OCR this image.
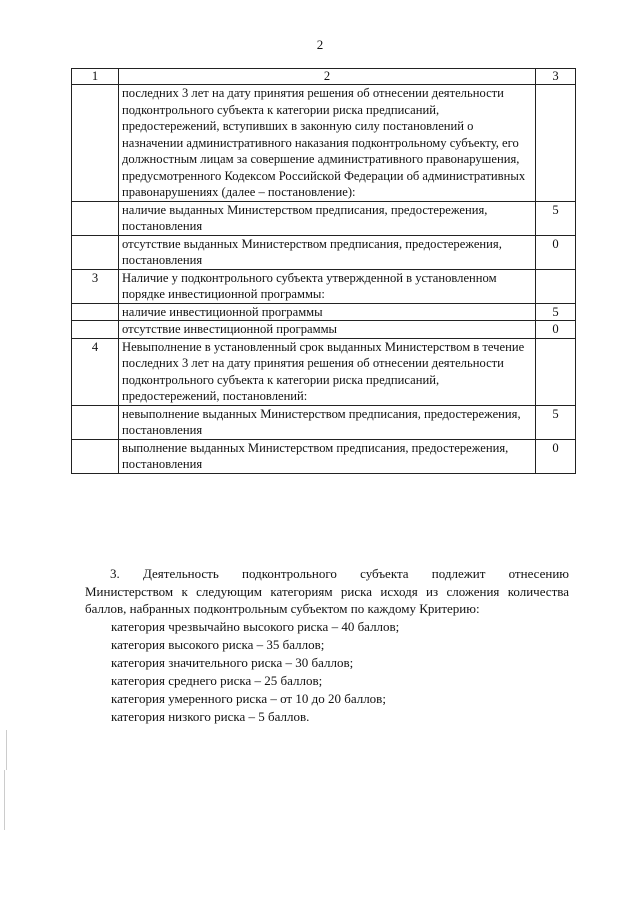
2
1	2	3
	последних 3 лет на дату принятия решения об отнесении деятельности подконтрольного субъекта к категории риска предписаний, предостережений, вступивших в законную силу постановлений о назначении административного наказания подконтрольному субъекту, его должностным лицам за совершение административного правонарушения, предусмотренного Кодексом Российской Федерации об административных правонарушениях (далее – постановление):	
	наличие выданных Министерством предписания, предостережения, постановления	5
	отсутствие выданных Министерством предписания, предостережения, постановления	0
3	Наличие у подконтрольного субъекта утвержденной в установленном порядке инвестиционной программы:	
	наличие инвестиционной программы	5
	отсутствие инвестиционной программы	0
4	Невыполнение в установленный срок выданных Министерством в течение последних 3 лет на дату принятия решения об отнесении деятельности подконтрольного субъекта к категории риска предписаний, предостережений, постановлений:	
	невыполнение выданных Министерством предписания, предостережения, постановления	5
	выполнение выданных Министерством предписания, предостережения, постановления	0
3. Деятельность подконтрольного субъекта подлежит отнесению
Министерством к следующим категориям риска исходя из сложения количества баллов, набранных подконтрольным субъектом по каждому Критерию:
категория чрезвычайно высокого риска – 40 баллов;
категория высокого риска – 35 баллов;
категория значительного риска – 30 баллов;
категория среднего риска – 25 баллов;
категория умеренного риска – от 10 до 20 баллов;
категория низкого риска – 5 баллов.
